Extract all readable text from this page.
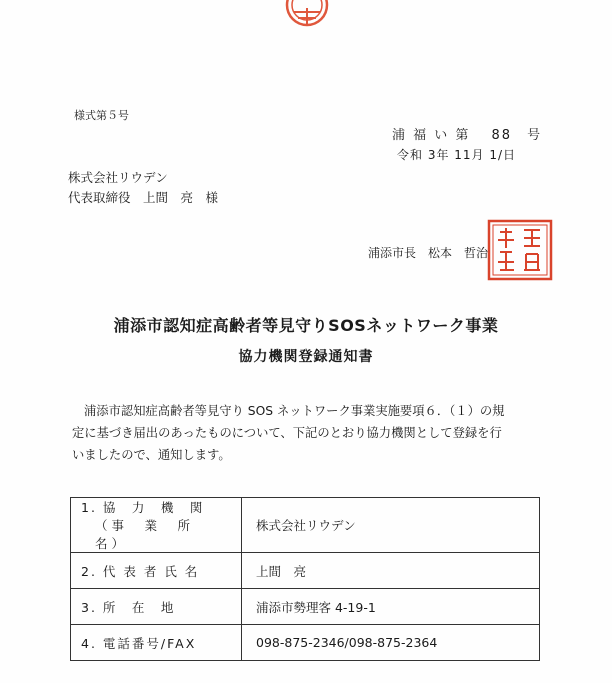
様式第５号
浦 福 い 第　 88　号
令和 3年 11月 1/日
株式会社リウデン
代表取締役　上間　亮　様
浦添市長　松本　哲治
浦添市認知症高齢者等見守りSOSネットワーク事業
協力機関登録通知書
浦添市認知症高齢者等見守り SOS ネットワーク事業実施要項６．（１）の規
定に基づき届出のあったものについて、下記のとおり協力機関として登録を行
いましたので、通知します。
1. 協　力　機　関
（事　業　所　名）	株式会社リウデン
2. 代 表 者 氏 名	上間　亮
3. 所　在　地	浦添市勢理客 4-19-1
4. 電話番号/FAX	098-875-2346/098-875-2364
